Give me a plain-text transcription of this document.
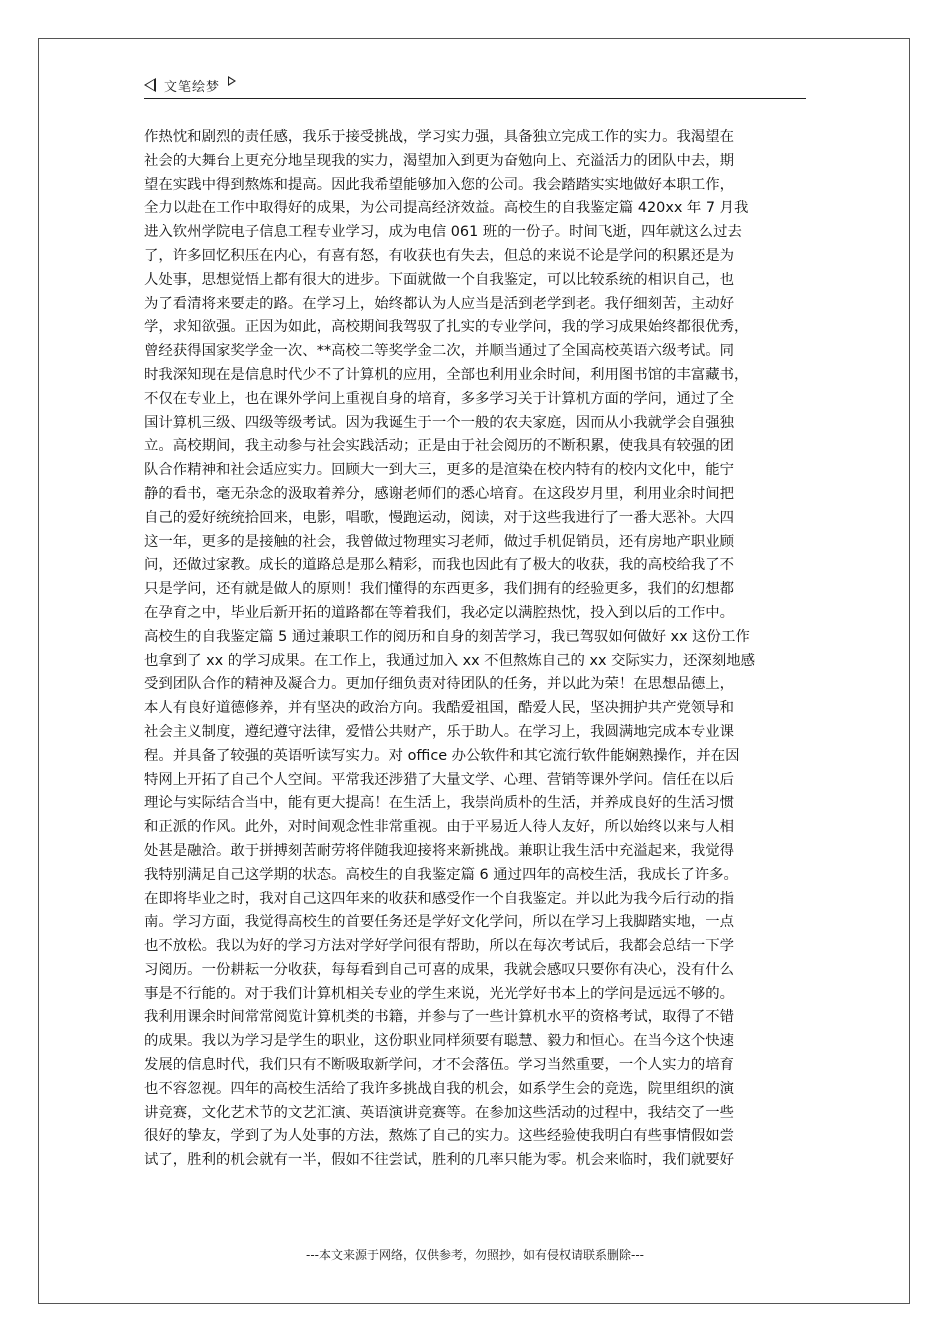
文笔绘梦
作热忱和剧烈的责任感，我乐于接受挑战，学习实力强，具备独立完成工作的实力。我渴望在
社会的大舞台上更充分地呈现我的实力，渴望加入到更为奋勉向上、充溢活力的团队中去，期
望在实践中得到熬炼和提高。因此我希望能够加入您的公司。我会踏踏实实地做好本职工作，
全力以赴在工作中取得好的成果，为公司提高经济效益。高校生的自我鉴定篇 420xx 年 7 月我
进入钦州学院电子信息工程专业学习，成为电信 061 班的一份子。时间飞逝，四年就这么过去
了，许多回忆积压在内心，有喜有怒，有收获也有失去，但总的来说不论是学问的积累还是为
人处事，思想觉悟上都有很大的进步。下面就做一个自我鉴定，可以比较系统的相识自己，也
为了看清将来要走的路。在学习上，始终都认为人应当是活到老学到老。我仔细刻苦，主动好
学，求知欲强。正因为如此，高校期间我驾驭了扎实的专业学问，我的学习成果始终都很优秀，
曾经获得国家奖学金一次、**高校二等奖学金二次，并顺当通过了全国高校英语六级考试。同
时我深知现在是信息时代少不了计算机的应用，全部也利用业余时间，利用图书馆的丰富藏书，
不仅在专业上，也在课外学问上重视自身的培育，多多学习关于计算机方面的学问，通过了全
国计算机三级、四级等级考试。因为我诞生于一个一般的农夫家庭，因而从小我就学会自强独
立。高校期间，我主动参与社会实践活动；正是由于社会阅历的不断积累，使我具有较强的团
队合作精神和社会适应实力。回顾大一到大三，更多的是渲染在校内特有的校内文化中，能宁
静的看书，毫无杂念的汲取着养分，感谢老师们的悉心培育。在这段岁月里，利用业余时间把
自己的爱好统统拾回来，电影，唱歌，慢跑运动，阅读，对于这些我进行了一番大恶补。大四
这一年，更多的是接触的社会，我曾做过物理实习老师，做过手机促销员，还有房地产职业顾
问，还做过家教。成长的道路总是那么精彩，而我也因此有了极大的收获，我的高校给我了不
只是学问，还有就是做人的原则！我们懂得的东西更多，我们拥有的经验更多，我们的幻想都
在孕育之中，毕业后新开拓的道路都在等着我们，我必定以满腔热忱，投入到以后的工作中。
高校生的自我鉴定篇 5 通过兼职工作的阅历和自身的刻苦学习，我已驾驭如何做好 xx 这份工作
也拿到了 xx 的学习成果。在工作上，我通过加入 xx 不但熬炼自己的 xx 交际实力，还深刻地感
受到团队合作的精神及凝合力。更加仔细负责对待团队的任务，并以此为荣！在思想品德上，
本人有良好道德修养，并有坚决的政治方向。我酷爱祖国，酷爱人民，坚决拥护共产党领导和
社会主义制度，遵纪遵守法律，爱惜公共财产，乐于助人。在学习上，我圆满地完成本专业课
程。并具备了较强的英语听读写实力。对 office 办公软件和其它流行软件能娴熟操作，并在因
特网上开拓了自己个人空间。平常我还涉猎了大量文学、心理、营销等课外学问。信任在以后
理论与实际结合当中，能有更大提高！在生活上，我崇尚质朴的生活，并养成良好的生活习惯
和正派的作风。此外，对时间观念性非常重视。由于平易近人待人友好，所以始终以来与人相
处甚是融洽。敢于拼搏刻苦耐劳将伴随我迎接将来新挑战。兼职让我生活中充溢起来，我觉得
我特别满足自己这学期的状态。高校生的自我鉴定篇 6 通过四年的高校生活，我成长了许多。
在即将毕业之时，我对自己这四年来的收获和感受作一个自我鉴定。并以此为我今后行动的指
南。学习方面，我觉得高校生的首要任务还是学好文化学问，所以在学习上我脚踏实地，一点
也不放松。我以为好的学习方法对学好学问很有帮助，所以在每次考试后，我都会总结一下学
习阅历。一份耕耘一分收获，每每看到自己可喜的成果，我就会感叹只要你有决心，没有什么
事是不行能的。对于我们计算机相关专业的学生来说，光光学好书本上的学问是远远不够的。
我利用课余时间常常阅览计算机类的书籍，并参与了一些计算机水平的资格考试，取得了不错
的成果。我以为学习是学生的职业，这份职业同样须要有聪慧、毅力和恒心。在当今这个快速
发展的信息时代，我们只有不断吸取新学问，才不会落伍。学习当然重要，一个人实力的培育
也不容忽视。四年的高校生活给了我许多挑战自我的机会，如系学生会的竞选，院里组织的演
讲竞赛，文化艺术节的文艺汇演、英语演讲竞赛等。在参加这些活动的过程中，我结交了一些
很好的挚友，学到了为人处事的方法，熬炼了自己的实力。这些经验使我明白有些事情假如尝
试了，胜利的机会就有一半，假如不往尝试，胜利的几率只能为零。机会来临时，我们就要好
---本文来源于网络，仅供参考，勿照抄，如有侵权请联系删除---
